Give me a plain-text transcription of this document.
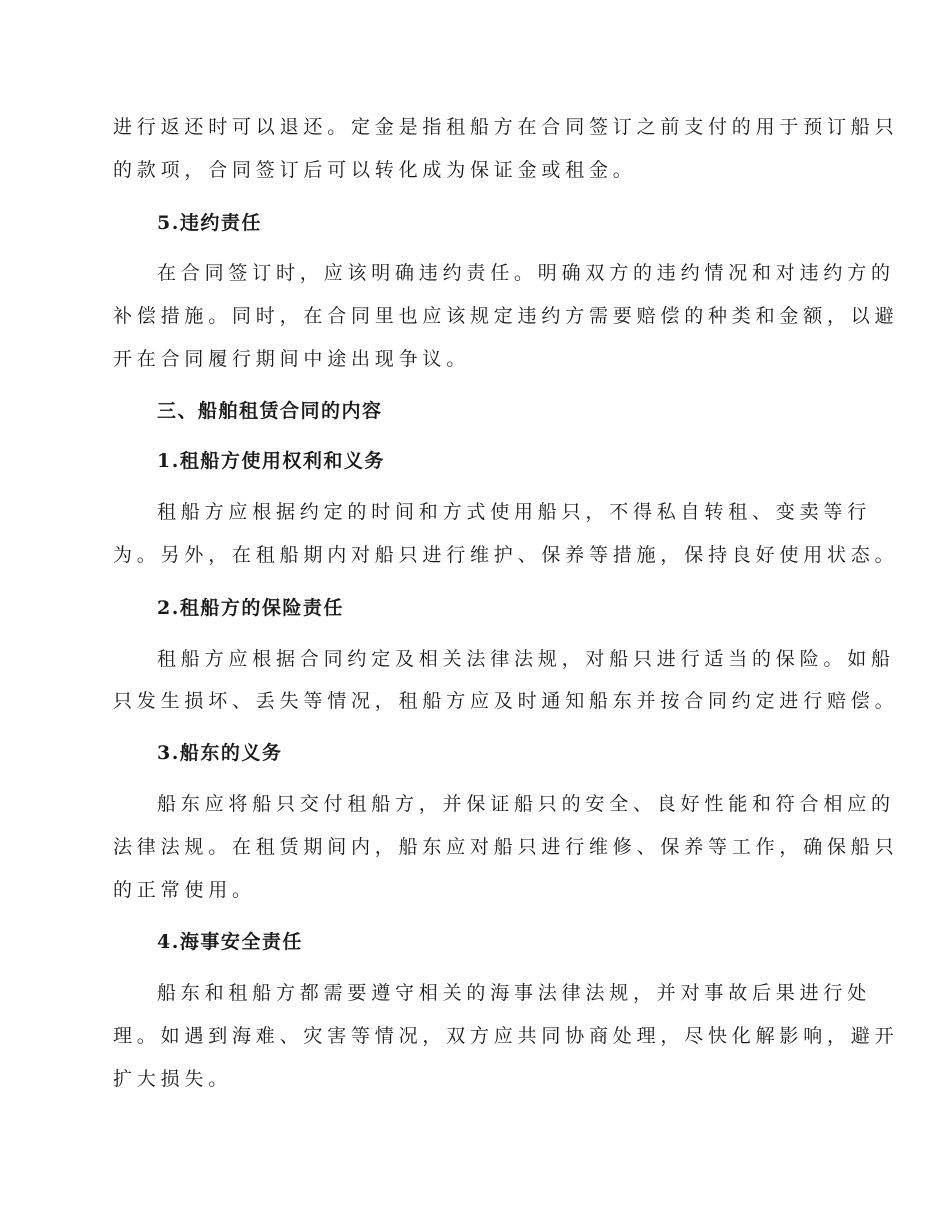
进行返还时可以退还。定金是指租船方在合同签订之前支付的用于预订船只
的款项，合同签订后可以转化成为保证金或租金。
5.违约责任
在合同签订时，应该明确违约责任。明确双方的违约情况和对违约方的
补偿措施。同时，在合同里也应该规定违约方需要赔偿的种类和金额，以避
开在合同履行期间中途出现争议。
三、船舶租赁合同的内容
1.租船方使用权利和义务
租船方应根据约定的时间和方式使用船只，不得私自转租、变卖等行
为。另外，在租船期内对船只进行维护、保养等措施，保持良好使用状态。
2.租船方的保险责任
租船方应根据合同约定及相关法律法规，对船只进行适当的保险。如船
只发生损坏、丢失等情况，租船方应及时通知船东并按合同约定进行赔偿。
3.船东的义务
船东应将船只交付租船方，并保证船只的安全、良好性能和符合相应的
法律法规。在租赁期间内，船东应对船只进行维修、保养等工作，确保船只
的正常使用。
4.海事安全责任
船东和租船方都需要遵守相关的海事法律法规，并对事故后果进行处
理。如遇到海难、灾害等情况，双方应共同协商处理，尽快化解影响，避开
扩大损失。
